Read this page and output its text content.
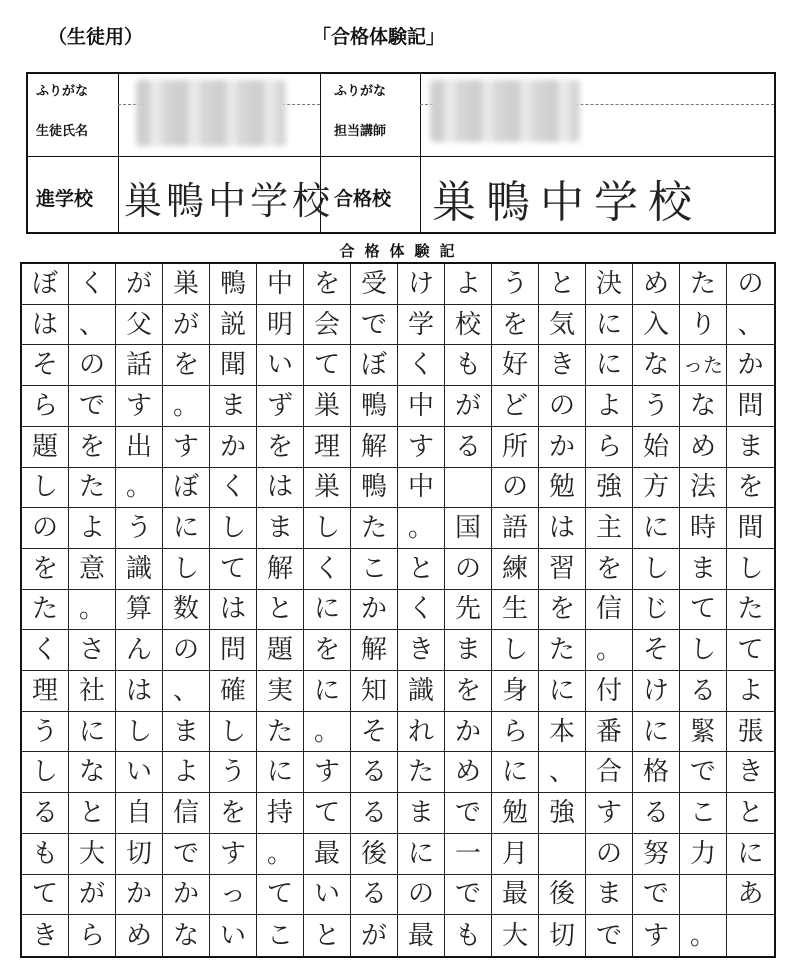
（生徒用）	「合格体験記」
ふりがな
生徒氏名
ふりがな
担当講師
進学校 巣鴨中学校 合格校 巣鴨中学校
合格体験記
ぼ く が 巣 鴨 中 を 受 け よ う と 決 め た の
は 、 父 が 説 明 会 で 学 校 を 気 に 入 り 、
そ の 話 を 聞 い て ぼ く も 好 き に な った か
ら で す 。 ま ず 巣 鴨 中 が ど の よ う な 問
題 を 出 す か を 理 解 す る 所 か ら 始 め ま
し た 。 ぼ く は 巣 鴨 中	の 勉 強 方 法 を
の よ う に し ま し た 。 国 語 は 主 に 時 間
を 意 識 し て 解 く こ と の 練 習 を し ま し
た 。 算 数 は と に か く 先 生 を 信 じ て た
く さ ん の 問 題 を 解 き ま し た 。 そ し て
理 社 は 、 確 実 に 知 識 を 身 に 付 け る よ
う に し ま し た 。 そ れ か ら 本 番 に 緊 張
し な い よ う に す る た め に 、 合 格 で き
る と 自 信 を 持 て る ま で 勉 強 す る こ と
も 大 切 で す 。 最 後 に 一 月	の 努 力 に
て が か か っ て い る の で 最 後 ま で	あ
き ら め な い こ と が 最 も 大 切 で す 。
